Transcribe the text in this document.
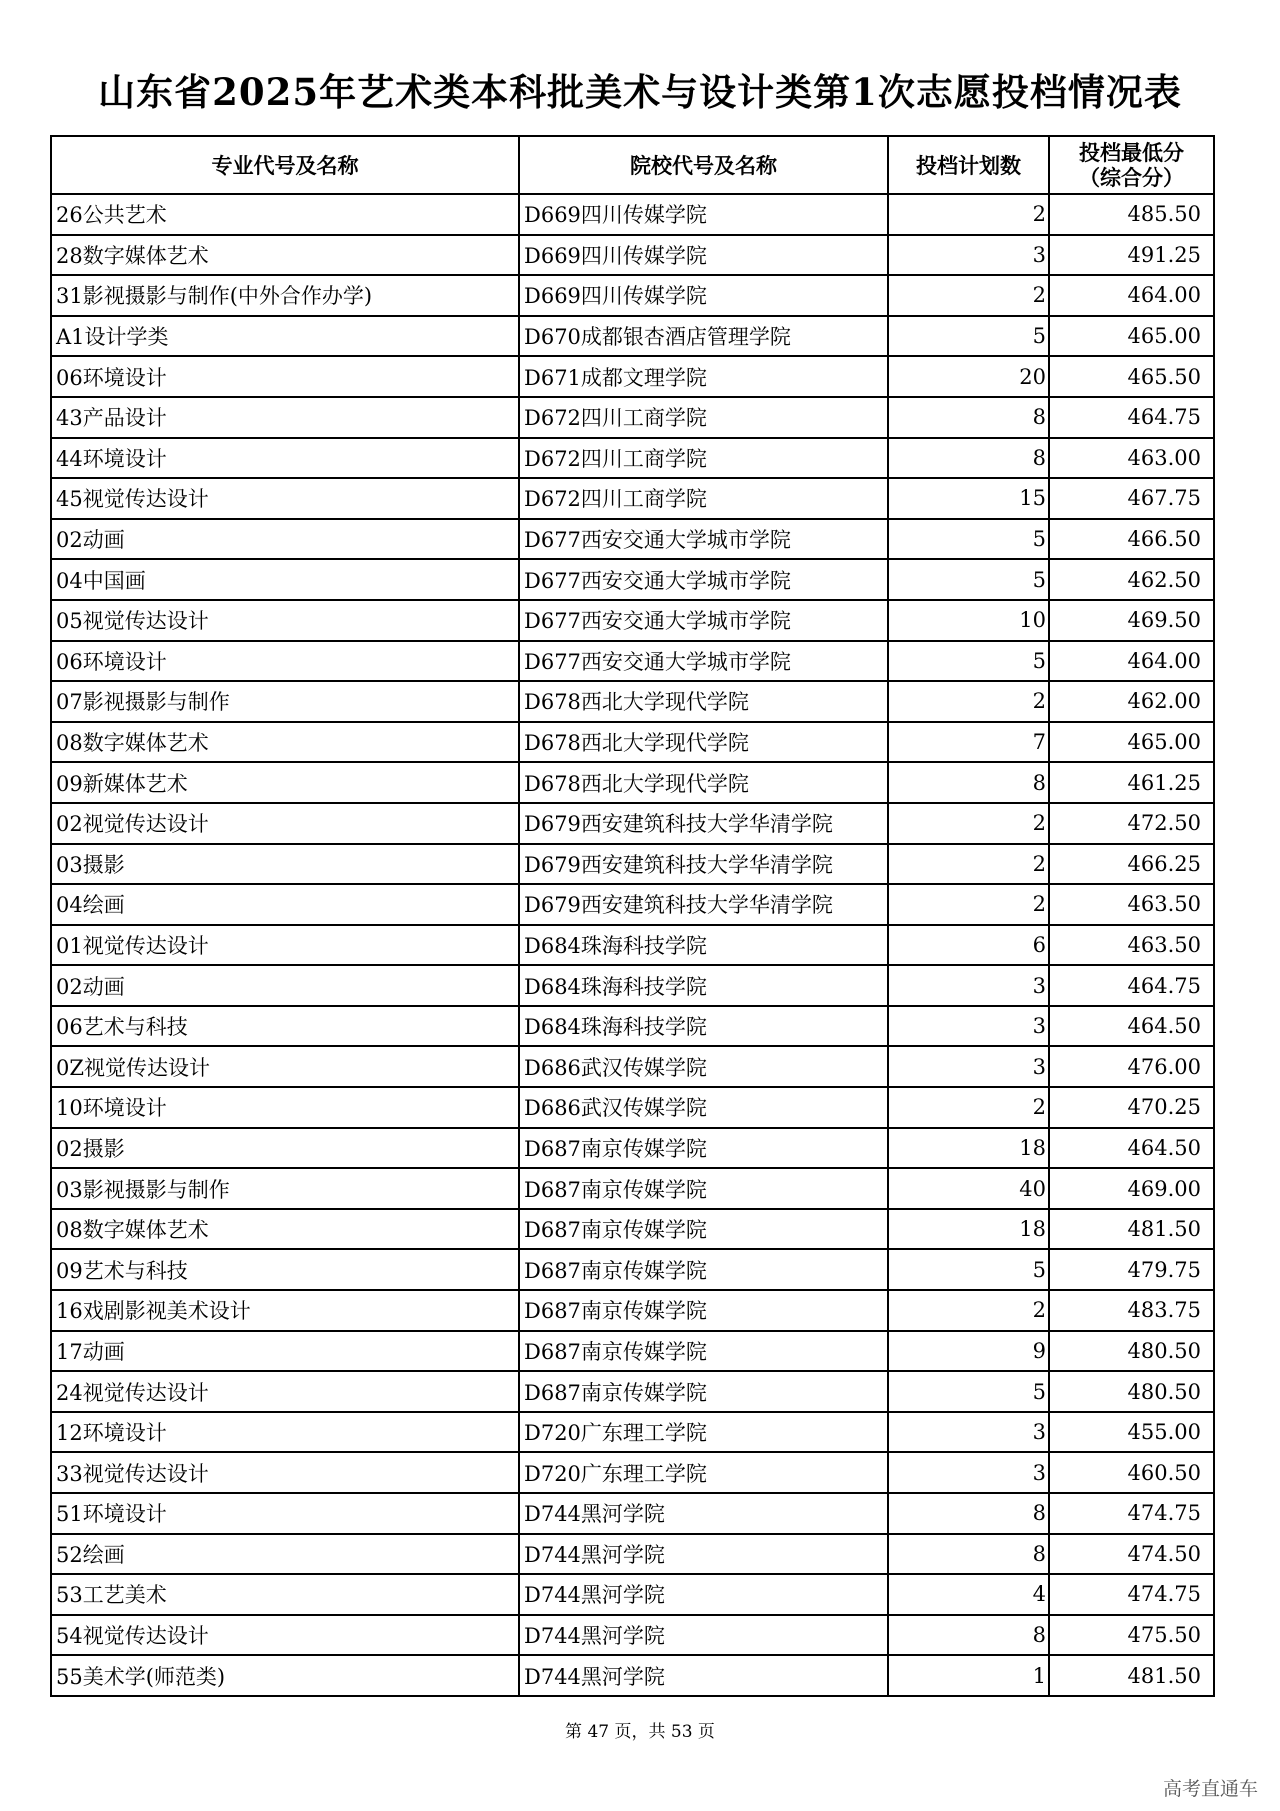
山东省2025年艺术类本科批美术与设计类第1次志愿投档情况表
专业代号及名称	院校代号及名称	投档计划数	投档最低分
（综合分）

26公共艺术	D669四川传媒学院	2	485.50
28数字媒体艺术	D669四川传媒学院	3	491.25
31影视摄影与制作(中外合作办学)	D669四川传媒学院	2	464.00
A1设计学类	D670成都银杏酒店管理学院	5	465.00
06环境设计	D671成都文理学院	20	465.50
43产品设计	D672四川工商学院	8	464.75
44环境设计	D672四川工商学院	8	463.00
45视觉传达设计	D672四川工商学院	15	467.75
02动画	D677西安交通大学城市学院	5	466.50
04中国画	D677西安交通大学城市学院	5	462.50
05视觉传达设计	D677西安交通大学城市学院	10	469.50
06环境设计	D677西安交通大学城市学院	5	464.00
07影视摄影与制作	D678西北大学现代学院	2	462.00
08数字媒体艺术	D678西北大学现代学院	7	465.00
09新媒体艺术	D678西北大学现代学院	8	461.25
02视觉传达设计	D679西安建筑科技大学华清学院	2	472.50
03摄影	D679西安建筑科技大学华清学院	2	466.25
04绘画	D679西安建筑科技大学华清学院	2	463.50
01视觉传达设计	D684珠海科技学院	6	463.50
02动画	D684珠海科技学院	3	464.75
06艺术与科技	D684珠海科技学院	3	464.50
0Z视觉传达设计	D686武汉传媒学院	3	476.00
10环境设计	D686武汉传媒学院	2	470.25
02摄影	D687南京传媒学院	18	464.50
03影视摄影与制作	D687南京传媒学院	40	469.00
08数字媒体艺术	D687南京传媒学院	18	481.50
09艺术与科技	D687南京传媒学院	5	479.75
16戏剧影视美术设计	D687南京传媒学院	2	483.75
17动画	D687南京传媒学院	9	480.50
24视觉传达设计	D687南京传媒学院	5	480.50
12环境设计	D720广东理工学院	3	455.00
33视觉传达设计	D720广东理工学院	3	460.50
51环境设计	D744黑河学院	8	474.75
52绘画	D744黑河学院	8	474.50
53工艺美术	D744黑河学院	4	474.75
54视觉传达设计	D744黑河学院	8	475.50
55美术学(师范类)	D744黑河学院	1	481.50
第 47 页，共 53 页
高考直通车
